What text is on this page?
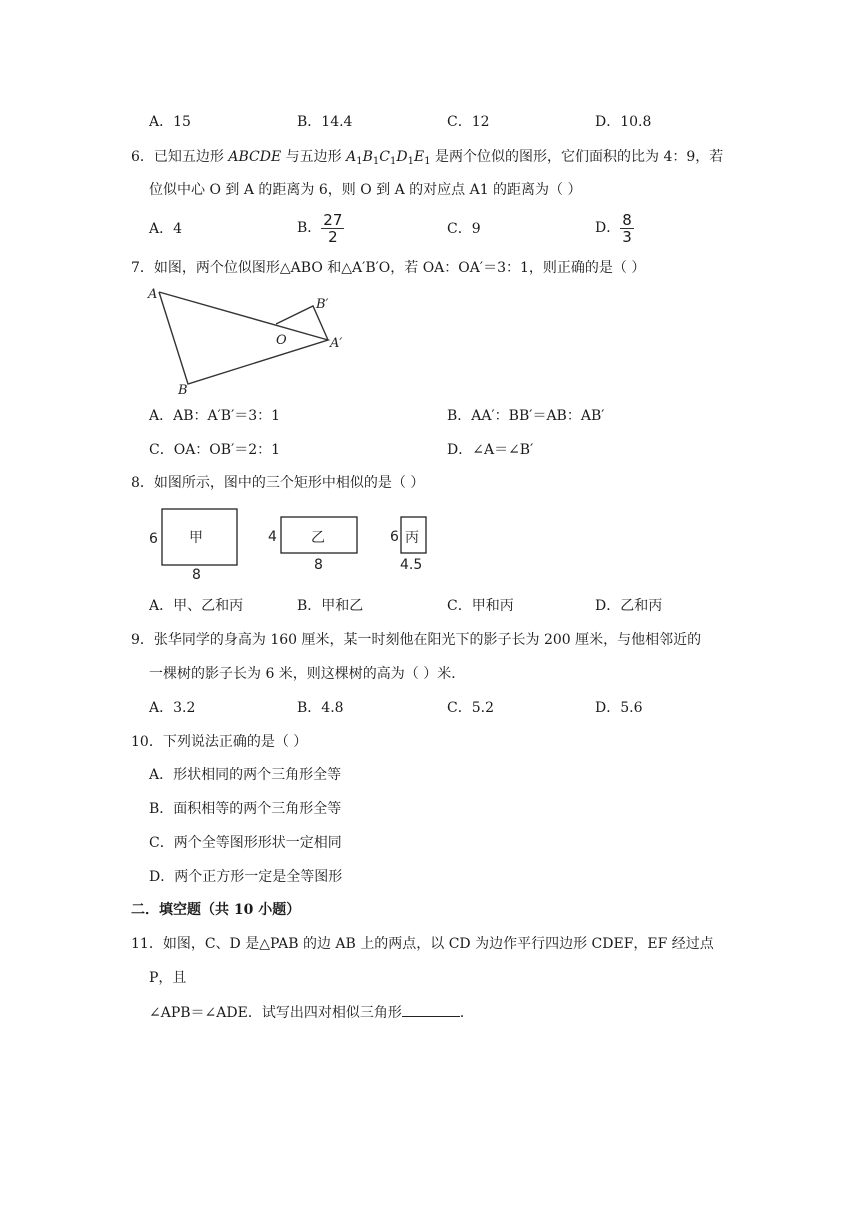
A．15	B．14.4	C．12	D．10.8
6．已知五边形 ABCDE 与五边形 $A_1B_1C_1D_1E_1$ 是两个位似的图形，它们面积的比为 4：9，若
位似中心 O 到 A 的距离为 6，则 O 到 A 的对应点 A1 的距离为（ ）
A．4	B． $\frac{27}{2}$	C．9	D． $\frac{8}{3}$
7．如图，两个位似图形△ABO 和△A′B′O，若 OA：OA′＝3：1，则正确的是（ ）
A
B
O
B′
A′
A．AB：A′B′＝3：1	B．AA′：BB′＝AB：AB′
C．OA：OB′＝2：1	D．∠A＝∠B′
8．如图所示，图中的三个矩形中相似的是（ ）
6 甲
8
4 乙
8
6 丙
4.5
A．甲、乙和丙	B．甲和乙	C．甲和丙	D．乙和丙
9．张华同学的身高为 160 厘米，某一时刻他在阳光下的影子长为 200 厘米，与他相邻近的
一棵树的影子长为 6 米，则这棵树的高为（ ）米．
A．3.2	B．4.8	C．5.2	D．5.6
10．下列说法正确的是（ ）
A．形状相同的两个三角形全等
B．面积相等的两个三角形全等
C．两个全等图形形状一定相同
D．两个正方形一定是全等图形
二．填空题（共 10 小题）
11．如图，C、D 是△PAB 的边 AB 上的两点，以 CD 为边作平行四边形 CDEF，EF 经过点
P，且
∠APB＝∠ADE．试写出四对相似三角形	．
